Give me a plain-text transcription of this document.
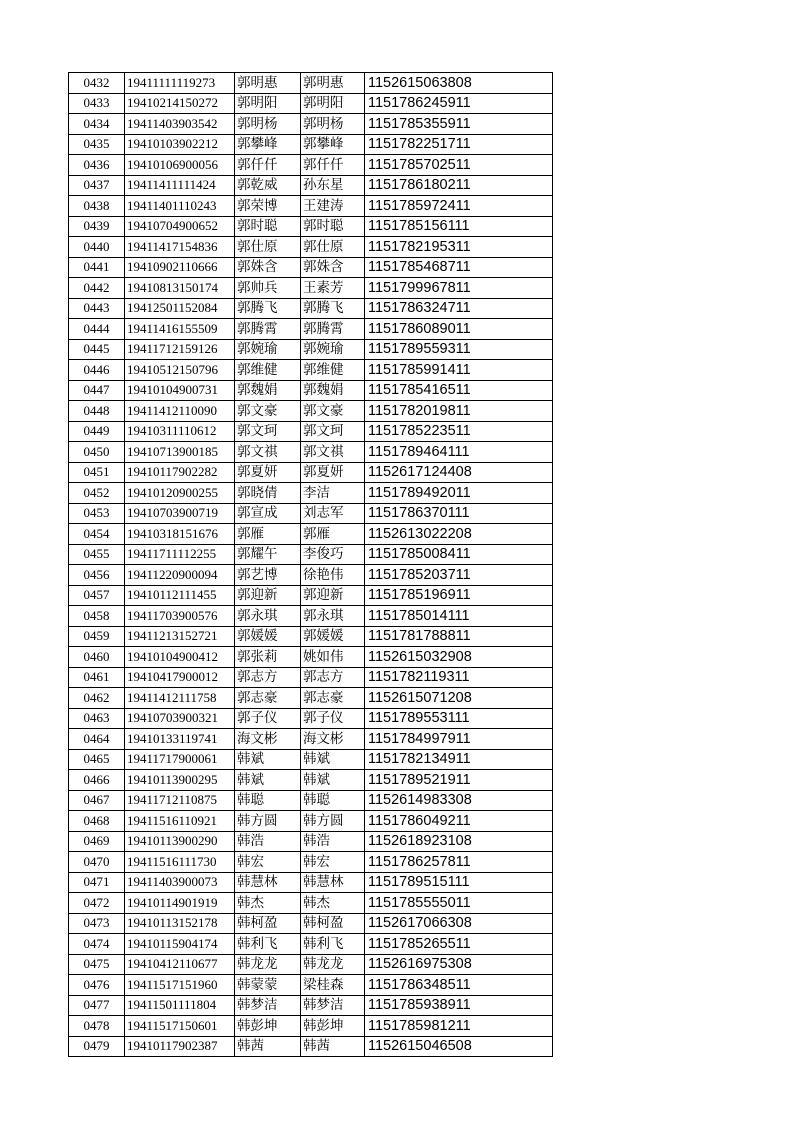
0432	19411111119273	郭明惠	郭明惠	1152615063808
0433	19410214150272	郭明阳	郭明阳	1151786245911
0434	19411403903542	郭明杨	郭明杨	1151785355911
0435	19410103902212	郭攀峰	郭攀峰	1151782251711
0436	19410106900056	郭仟仟	郭仟仟	1151785702511
0437	19411411111424	郭乾威	孙东星	1151786180211
0438	19411401110243	郭荣博	王建涛	1151785972411
0439	19410704900652	郭时聪	郭时聪	1151785156111
0440	19411417154836	郭仕原	郭仕原	1151782195311
0441	19410902110666	郭姝含	郭姝含	1151785468711
0442	19410813150174	郭帅兵	王素芳	1151799967811
0443	19412501152084	郭腾飞	郭腾飞	1151786324711
0444	19411416155509	郭腾霄	郭腾霄	1151786089011
0445	19411712159126	郭婉瑜	郭婉瑜	1151789559311
0446	19410512150796	郭维健	郭维健	1151785991411
0447	19410104900731	郭魏娟	郭魏娟	1151785416511
0448	19411412110090	郭文豪	郭文豪	1151782019811
0449	19410311110612	郭文珂	郭文珂	1151785223511
0450	19410713900185	郭文祺	郭文祺	1151789464111
0451	19410117902282	郭夏妍	郭夏妍	1152617124408
0452	19410120900255	郭晓倩	李洁	1151789492011
0453	19410703900719	郭宣成	刘志军	1151786370111
0454	19410318151676	郭雁	郭雁	1152613022208
0455	19411711112255	郭耀午	李俊巧	1151785008411
0456	19411220900094	郭艺博	徐艳伟	1151785203711
0457	19410112111455	郭迎新	郭迎新	1151785196911
0458	19411703900576	郭永琪	郭永琪	1151785014111
0459	19411213152721	郭媛媛	郭媛媛	1151781788811
0460	19410104900412	郭张莉	姚如伟	1152615032908
0461	19410417900012	郭志方	郭志方	1151782119311
0462	19411412111758	郭志豪	郭志豪	1152615071208
0463	19410703900321	郭子仪	郭子仪	1151789553111
0464	19410133119741	海文彬	海文彬	1151784997911
0465	19411717900061	韩斌	韩斌	1151782134911
0466	19410113900295	韩斌	韩斌	1151789521911
0467	19411712110875	韩聪	韩聪	1152614983308
0468	19411516110921	韩方圆	韩方圆	1151786049211
0469	19410113900290	韩浩	韩浩	1152618923108
0470	19411516111730	韩宏	韩宏	1151786257811
0471	19411403900073	韩慧林	韩慧林	1151789515111
0472	19410114901919	韩杰	韩杰	1151785555011
0473	19410113152178	韩柯盈	韩柯盈	1152617066308
0474	19410115904174	韩利飞	韩利飞	1151785265511
0475	19410412110677	韩龙龙	韩龙龙	1152616975308
0476	19411517151960	韩蒙蒙	梁桂森	1151786348511
0477	19411501111804	韩梦洁	韩梦洁	1151785938911
0478	19411517150601	韩彭坤	韩彭坤	1151785981211
0479	19410117902387	韩茜	韩茜	1152615046508
